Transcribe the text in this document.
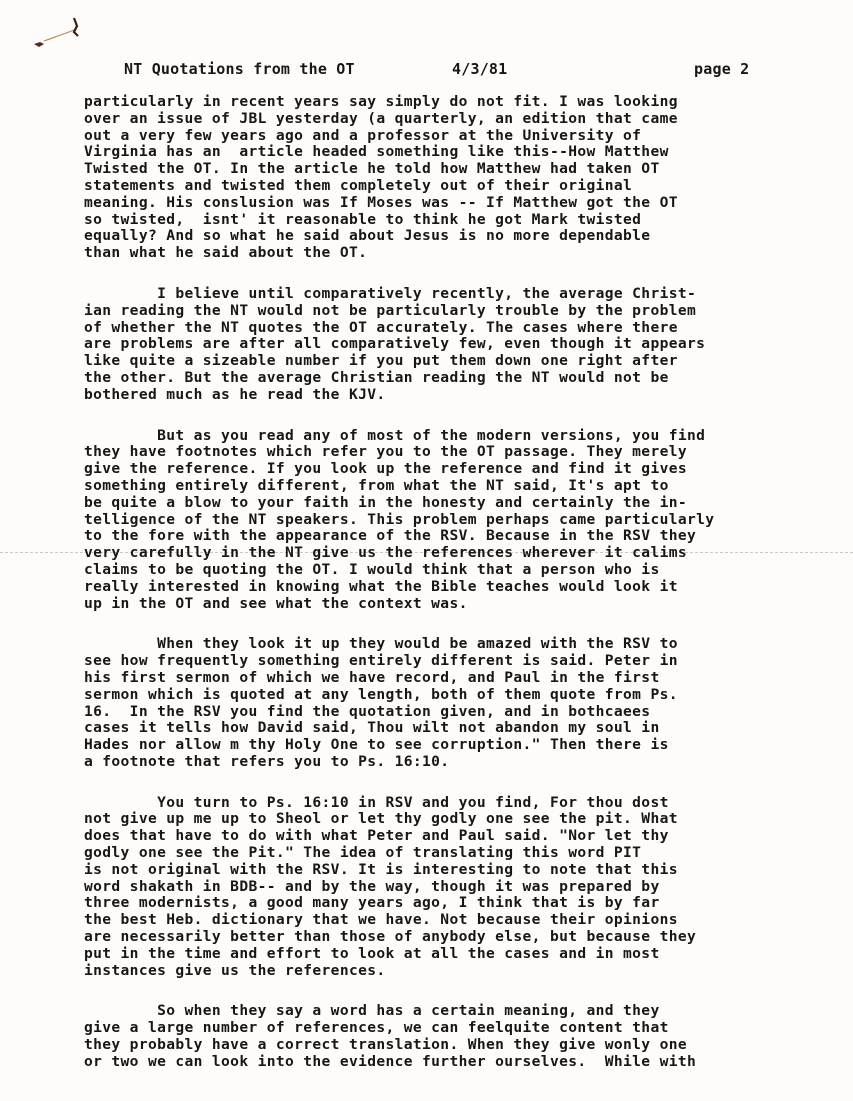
NT Quotations from the OT	4/3/81	page 2
particularly in recent years say simply do not fit. I was looking
over an issue of JBL yesterday (a quarterly, an edition that came
out a very few years ago and a professor at the University of
Virginia has an  article headed something like this--How Matthew
Twisted the OT. In the article he told how Matthew had taken OT
statements and twisted them completely out of their original
meaning. His conslusion was If Moses was -- If Matthew got the OT
so twisted,  isnt' it reasonable to think he got Mark twisted
equally? And so what he said about Jesus is no more dependable
than what he said about the OT.
I believe until comparatively recently, the average Christ-
ian reading the NT would not be particularly trouble by the problem
of whether the NT quotes the OT accurately. The cases where there
are problems are after all comparatively few, even though it appears
like quite a sizeable number if you put them down one right after
the other. But the average Christian reading the NT would not be
bothered much as he read the KJV.
But as you read any of most of the modern versions, you find
they have footnotes which refer you to the OT passage. They merely
give the reference. If you look up the reference and find it gives
something entirely different, from what the NT said, It's apt to
be quite a blow to your faith in the honesty and certainly the in-
telligence of the NT speakers. This problem perhaps came particularly
to the fore with the appearance of the RSV. Because in the RSV they
very carefully in the NT give us the references wherever it calims
claims to be quoting the OT. I would think that a person who is
really interested in knowing what the Bible teaches would look it
up in the OT and see what the context was.
When they look it up they would be amazed with the RSV to
see how frequently something entirely different is said. Peter in
his first sermon of which we have record, and Paul in the first
sermon which is quoted at any length, both of them quote from Ps.
16.  In the RSV you find the quotation given, and in bothcaees
cases it tells how David said, Thou wilt not abandon my soul in
Hades nor allow m thy Holy One to see corruption." Then there is
a footnote that refers you to Ps. 16:10.
You turn to Ps. 16:10 in RSV and you find, For thou dost
not give up me up to Sheol or let thy godly one see the pit. What
does that have to do with what Peter and Paul said. "Nor let thy
godly one see the Pit." The idea of translating this word PIT
is not original with the RSV. It is interesting to note that this
word shakath in BDB-- and by the way, though it was prepared by
three modernists, a good many years ago, I think that is by far
the best Heb. dictionary that we have. Not because their opinions
are necessarily better than those of anybody else, but because they
put in the time and effort to look at all the cases and in most
instances give us the references.
So when they say a word has a certain meaning, and they
give a large number of references, we can feelquite content that
they probably have a correct translation. When they give wonly one
or two we can look into the evidence further ourselves.  While with
